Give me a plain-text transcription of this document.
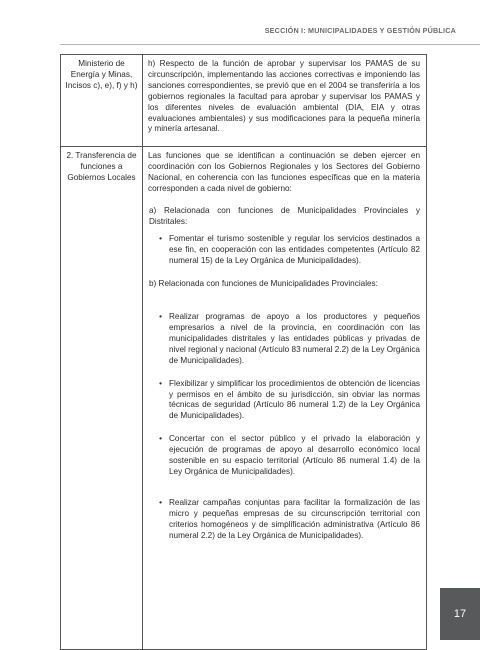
SECCIÓN I: MUNICIPALIDADES Y GESTIÓN PÚBLICA
Ministerio de Energía y Minas, Incisos c), e), f) y h)
h) Respecto de la función de aprobar y supervisar los PAMAS de su circunscripción, implementando las acciones correctivas e imponiendo las sanciones correspondientes, se previó que en el 2004 se transferiría a los gobiernos regionales la facultad para aprobar y supervisar los PAMAS y los diferentes niveles de evaluación ambiental (DIA, EIA y otras evaluaciones ambientales) y sus modificaciones para la pequeña minería y minería artesanal.
2. Transferencia de funciones a Gobiernos Locales

Las funciones que se identifican a continuación se deben ejercer en coordinación con los Gobiernos Regionales y los Sectores del Gobierno Nacional, en coherencia con las funciones específicas que en la materia corresponden a cada nivel de gobierno:

a) Relacionada con funciones de Municipalidades Provinciales y Distritales:
• Fomentar el turismo sostenible y regular los servicios destinados a ese fin, en cooperación con las entidades competentes (Artículo 82 numeral 15) de la Ley Orgánica de Municipalidades).
b) Relacionada con funciones de Municipalidades Provinciales:
• Realizar programas de apoyo a los productores y pequeños empresarios a nivel de la provincia, en coordinación con las municipalidades distritales y las entidades públicas y privadas de nivel regional y nacional (Artículo 83 numeral 2.2) de la Ley Orgánica de Municipalidades).
• Flexibilizar y simplificar los procedimientos de obtención de licencias y permisos en el ámbito de su jurisdicción, sin obviar las normas técnicas de seguridad (Artículo 86 numeral 1.2) de la Ley Orgánica de Municipalidades).
• Concertar con el sector público y el privado la elaboración y ejecución de programas de apoyo al desarrollo económico local sostenible en su espacio territorial (Artículo 86 numeral 1.4) de la Ley Orgánica de Municipalidades).
• Realizar campañas conjuntas para facilitar la formalización de las micro y pequeñas empresas de su circunscripción territorial con criterios homogéneos y de simplificación administrativa (Artículo 86 numeral 2.2) de la Ley Orgánica de Municipalidades).
17
